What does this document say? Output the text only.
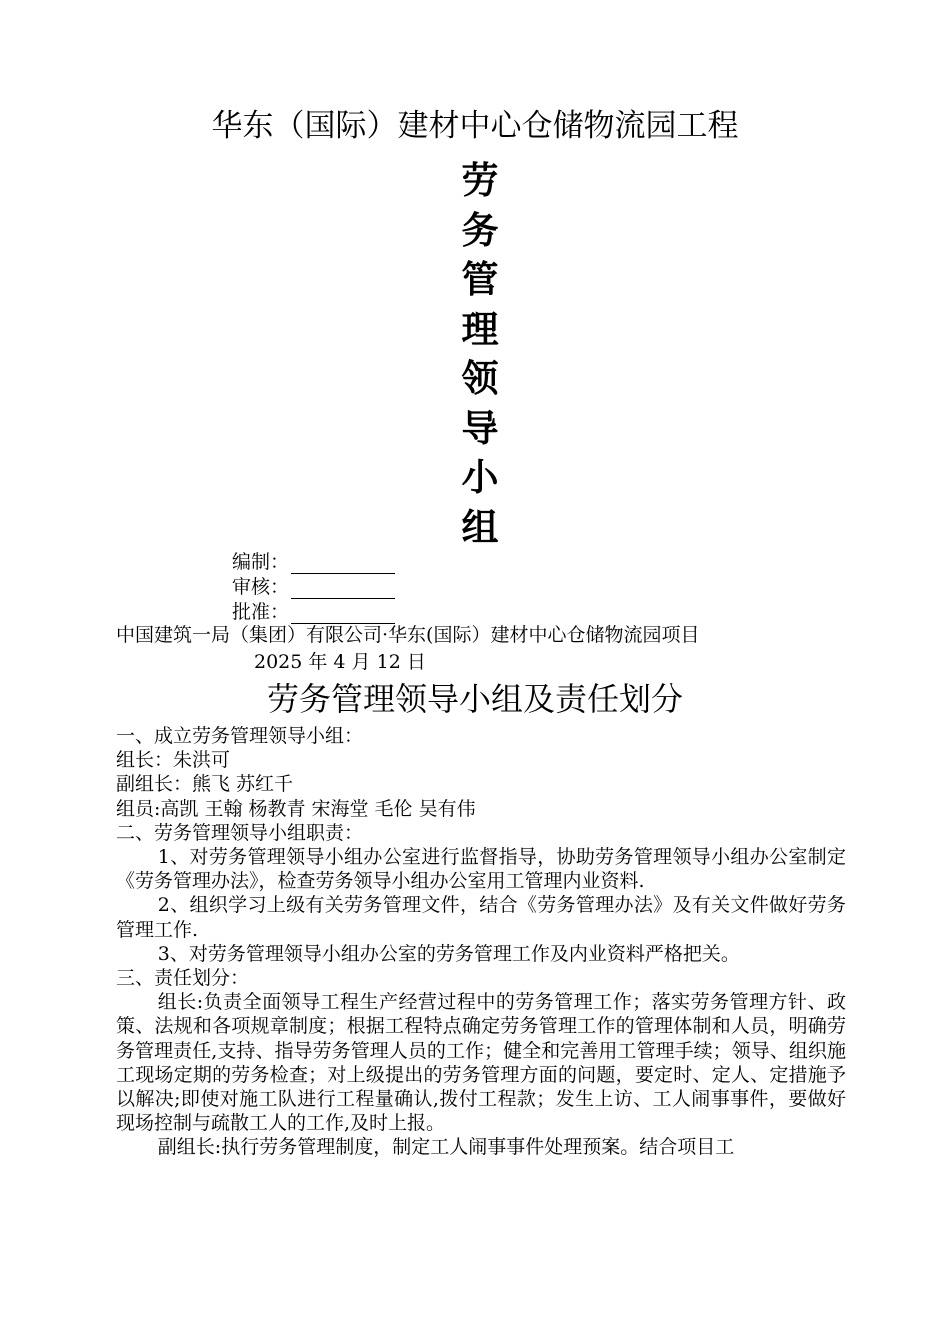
华东（国际）建材中心仓储物流园工程
劳
务
管
理
领
导
小
组
编制：
审核：
批准：
中国建筑一局（集团）有限公司·华东(国际）建材中心仓储物流园项目
2025 年 4 月 12 日
劳务管理领导小组及责任划分

一、成立劳务管理领导小组：

组长：朱洪可

副组长：熊飞 苏红千

组员:高凯 王翰 杨教青 宋海堂 毛伦 吴有伟

二、劳务管理领导小组职责：

1、对劳务管理领导小组办公室进行监督指导，协助劳务管理领导小组办公室制定《劳务管理办法》，检查劳务领导小组办公室用工管理内业资料.

2、组织学习上级有关劳务管理文件，结合《劳务管理办法》及有关文件做好劳务管理工作.

3、对劳务管理领导小组办公室的劳务管理工作及内业资料严格把关。

三、责任划分：

组长:负责全面领导工程生产经营过程中的劳务管理工作；落实劳务管理方针、政策、法规和各项规章制度；根据工程特点确定劳务管理工作的管理体制和人员，明确劳务管理责任,支持、指导劳务管理人员的工作；健全和完善用工管理手续；领导、组织施工现场定期的劳务检查；对上级提出的劳务管理方面的问题，要定时、定人、定措施予以解决;即使对施工队进行工程量确认,拨付工程款；发生上访、工人闹事事件，要做好现场控制与疏散工人的工作,及时上报。

副组长:执行劳务管理制度，制定工人闹事事件处理预案。结合项目工
